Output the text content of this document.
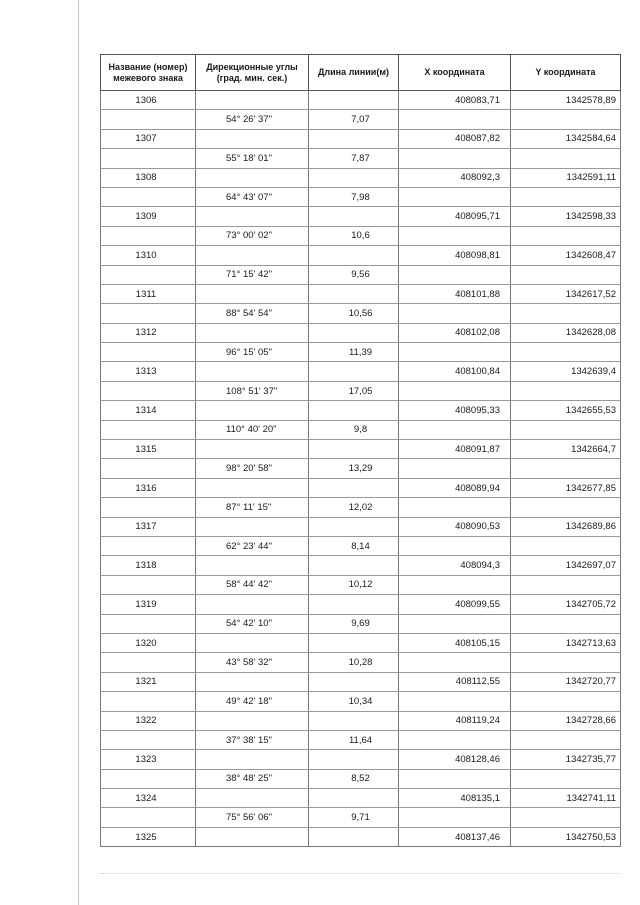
Название (номер) межевого знака	Дирекционные углы (град. мин. сек.)	Длина линии(м)	X координата	Y координата
1306			408083,71	1342578,89
	54° 26' 37"	7,07		
1307			408087,82	1342584,64
	55° 18' 01"	7,87		
1308			408092,3	1342591,11
	64° 43' 07"	7,98		
1309			408095,71	1342598,33
	73° 00' 02"	10,6		
1310			408098,81	1342608,47
	71° 15' 42"	9,56		
1311			408101,88	1342617,52
	88° 54' 54"	10,56		
1312			408102,08	1342628,08
	96° 15' 05"	11,39		
1313			408100,84	1342639,4
	108° 51' 37"	17,05		
1314			408095,33	1342655,53
	110° 40' 20"	9,8		
1315			408091,87	1342664,7
	98° 20' 58"	13,29		
1316			408089,94	1342677,85
	87° 11' 15"	12,02		
1317			408090,53	1342689,86
	62° 23' 44"	8,14		
1318			408094,3	1342697,07
	58° 44' 42"	10,12		
1319			408099,55	1342705,72
	54° 42' 10"	9,69		
1320			408105,15	1342713,63
	43° 58' 32"	10,28		
1321			408112,55	1342720,77
	49° 42' 18"	10,34		
1322			408119,24	1342728,66
	37° 38' 15"	11,64		
1323			408128,46	1342735,77
	38° 48' 25"	8,52		
1324			408135,1	1342741,11
	75° 56' 06"	9,71		
1325			408137,46	1342750,53
